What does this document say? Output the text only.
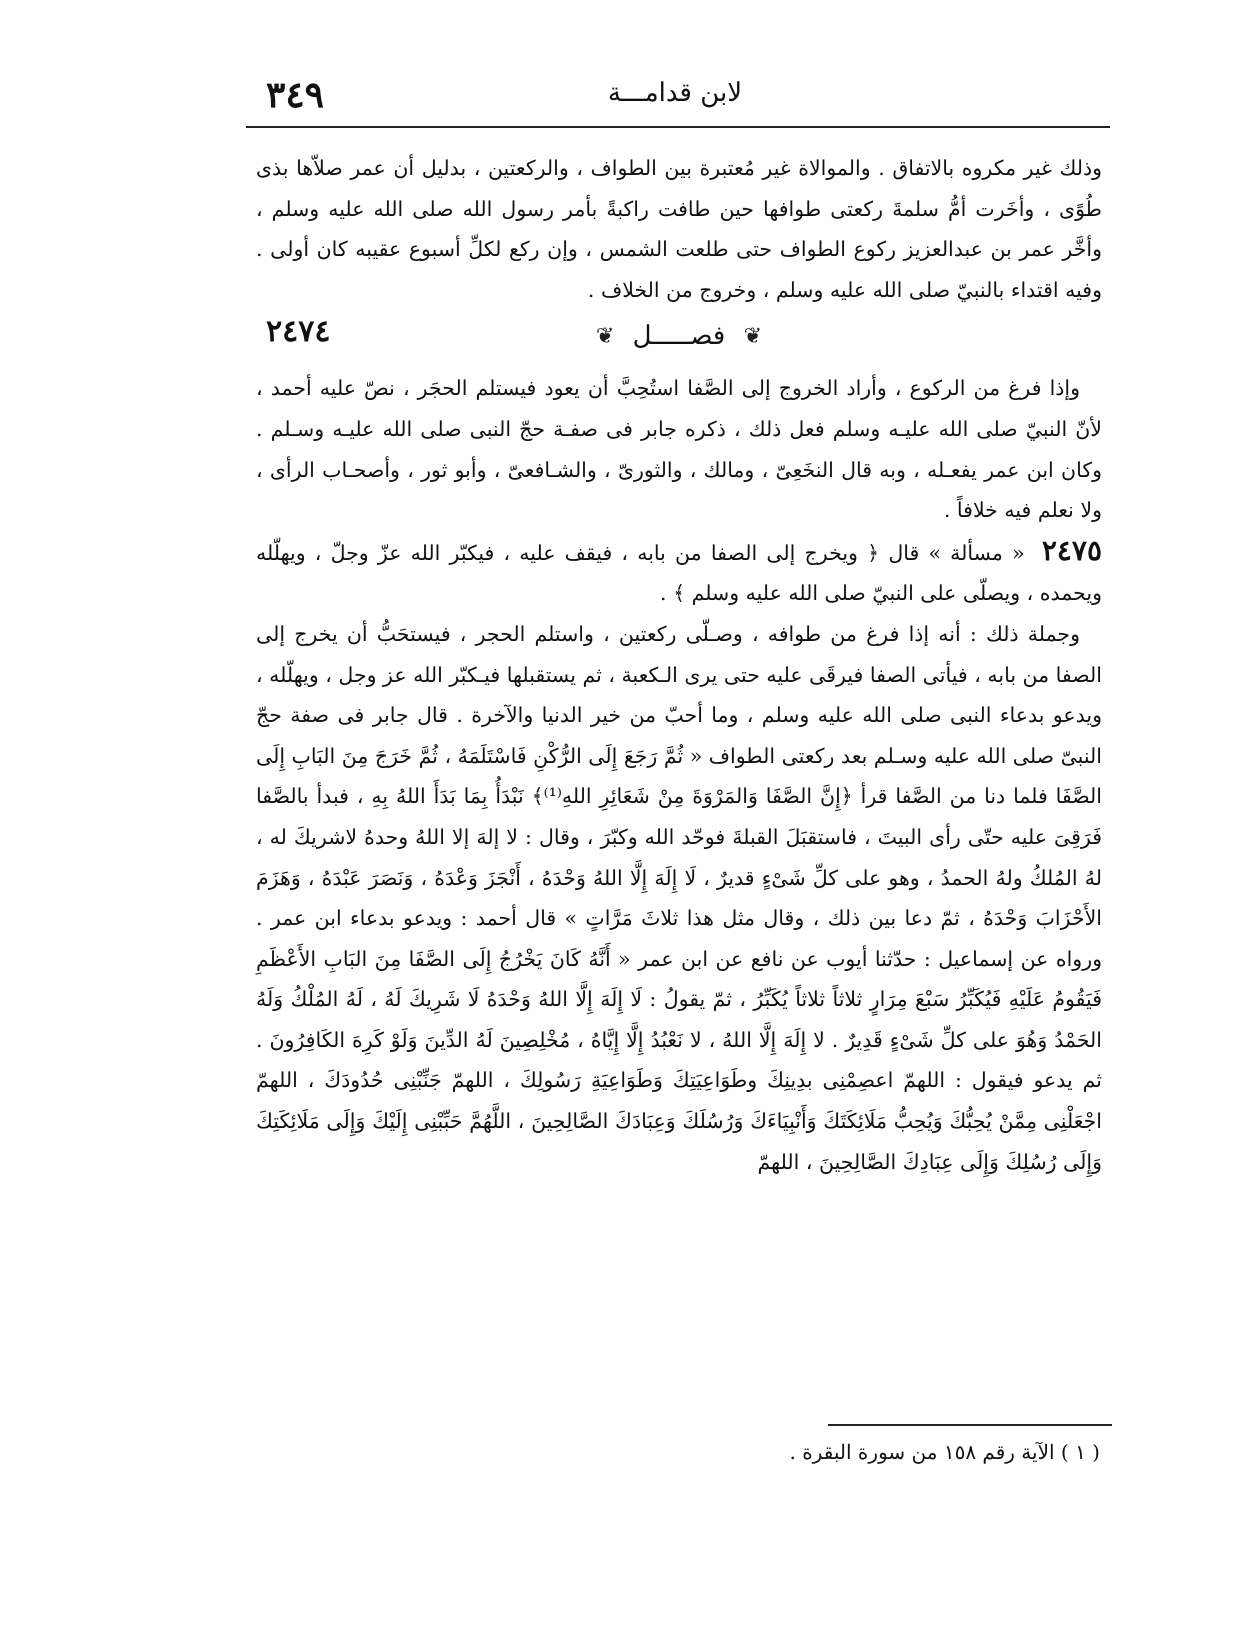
٣٤٩	لابن قدامـــة

وذلك غير مكروه بالاتفاق . والموالاة غير مُعتبرة بين الطواف ، والركعتين ، بدليل أن عمر صلاّها بذى طُوًى ، وأخَرت أمُّ سلمةَ ركعتى طوافها حين طافت راكبةً بأمر رسول الله صلى الله عليه وسلم ، وأخَّر عمر بن عبدالعزيز ركوع الطواف حتى طلعت الشمس ، وإن ركع لكلِّ أسبوع عقيبه كان أولى . وفيه اقتداء بالنبيّ صلى الله عليه وسلم ، وخروج من الخلاف .

❦ فصـــــل ❦
٢٤٧٤

وإذا فرغ من الركوع ، وأراد الخروج إلى الصَّفا استُحِبَّ أن يعود فيستلم الحجَر ، نصّ عليه أحمد ، لأنّ النبيّ صلى الله عليـه وسلم فعل ذلك ، ذكره جابر فى صفـة حجّ النبى صلى الله عليـه وسـلم . وكان ابن عمر يفعـله ، وبه قال النخَعِىّ ، ومالك ، والثورىّ ، والشـافعىّ ، وأبو ثور ، وأصحـاب الرأى ، ولا نعلم فيه خلافاً .

٢٤٧٥ « مسألة » قال ﴿ ويخرج إلى الصفا من بابه ، فيقف عليه ، فيكبّر الله عزّ وجلّ ، ويهلّله ويحمده ، ويصلّى على النبيّ صلى الله عليه وسلم ﴾ .

وجملة ذلك : أنه إذا فرغ من طوافه ، وصـلّى ركعتين ، واستلم الحجر ، فيستحَبُّ أن يخرج إلى الصفا من بابه ، فيأتى الصفا فيرقَى عليه حتى يرى الـكعبة ، ثم يستقبلها فيـكبّر الله عز وجل ، ويهلّله ، ويدعو بدعاء النبى صلى الله عليه وسلم ، وما أحبّ من خير الدنيا والآخرة . قال جابر فى صفة حجّ النبىّ صلى الله عليه وسـلم بعد ركعتى الطواف « ثُمَّ رَجَعَ إِلَى الرُّكْنِ فَاسْتَلَمَهُ ، ثُمَّ خَرَجَ مِنَ البَابِ إِلَى الصَّفَا فلما دنا من الصَّفا قرأ ﴿إِنَّ الصَّفَا وَالمَرْوَةَ مِنْ شَعَائِرِ اللهِ⁽¹⁾﴾ نَبْدَأُ بِمَا بَدَأَ اللهُ بِهِ ، فبدأ بالصَّفا فَرَقِىَ عليه حتّى رأى البيتَ ، فاستقبَلَ القبلةَ فوحّد الله وكبّرَ ، وقال : لا إلهَ إلا اللهُ وحدهُ لاشريكَ له ، لهُ المُلكُ ولهُ الحمدُ ، وهو على كلِّ شَىْءٍ قديرٌ ، لَا إِلَهَ إِلَّا اللهُ وَحْدَهُ ، أَنْجَزَ وَعْدَهُ ، وَنَصَرَ عَبْدَهُ ، وَهَزَمَ الأَحْزَابَ وَحْدَهُ ، ثمّ دعا بين ذلك ، وقال مثل هذا ثلاثَ مَرَّاتٍ » قال أحمد : ويدعو بدعاء ابن عمر . ورواه عن إسماعيل : حدّثنا أيوب عن نافع عن ابن عمر « أَنَّهُ كَانَ يَخْرُجُ إِلَى الصَّفَا مِنَ البَابِ الأَعْظَمِ فَيَقُومُ عَلَيْهِ فَيُكَبِّرُ سَبْعَ مِرَارٍ ثلاثاً ثلاثاً يُكَبِّرُ ، ثمّ يقولُ : لَا إِلَهَ إِلَّا اللهُ وَحْدَهُ لَا شَرِيكَ لَهُ ، لَهُ المُلْكُ وَلَهُ الحَمْدُ وَهُوَ على كلِّ شَىْءٍ قَدِيرٌ . لا إِلَهَ إِلَّا اللهُ ، لا نَعْبُدُ إِلَّا إِيَّاهُ ، مُخْلِصِينَ لَهُ الدِّينَ وَلَوْ كَرِهَ الكَافِرُونَ . ثم يدعو فيقول : اللهمّ اعصِمْنِى بدِينِكَ وطَوَاعِيَتِكَ وَطَوَاعِيَةِ رَسُولِكَ ، اللهمّ جَنِّبْنِى حُدُودَكَ ، اللهمّ اجْعَلْنِى مِمَّنْ يُحِبُّكَ وَيُحِبُّ مَلَائِكَتَكَ وَأَنْبِيَاءَكَ وَرُسُلَكَ وَعِبَادَكَ الصَّالِحِينَ ، اللَّهُمَّ حَبِّبْنِى إِلَيْكَ وَإِلَى مَلَائِكَتِكَ وَإِلَى رُسُلِكَ وَإِلَى عِبَادِكَ الصَّالِحِينَ ، اللهمّ

( ١ ) الآية رقم ١٥٨ من سورة البقرة .
